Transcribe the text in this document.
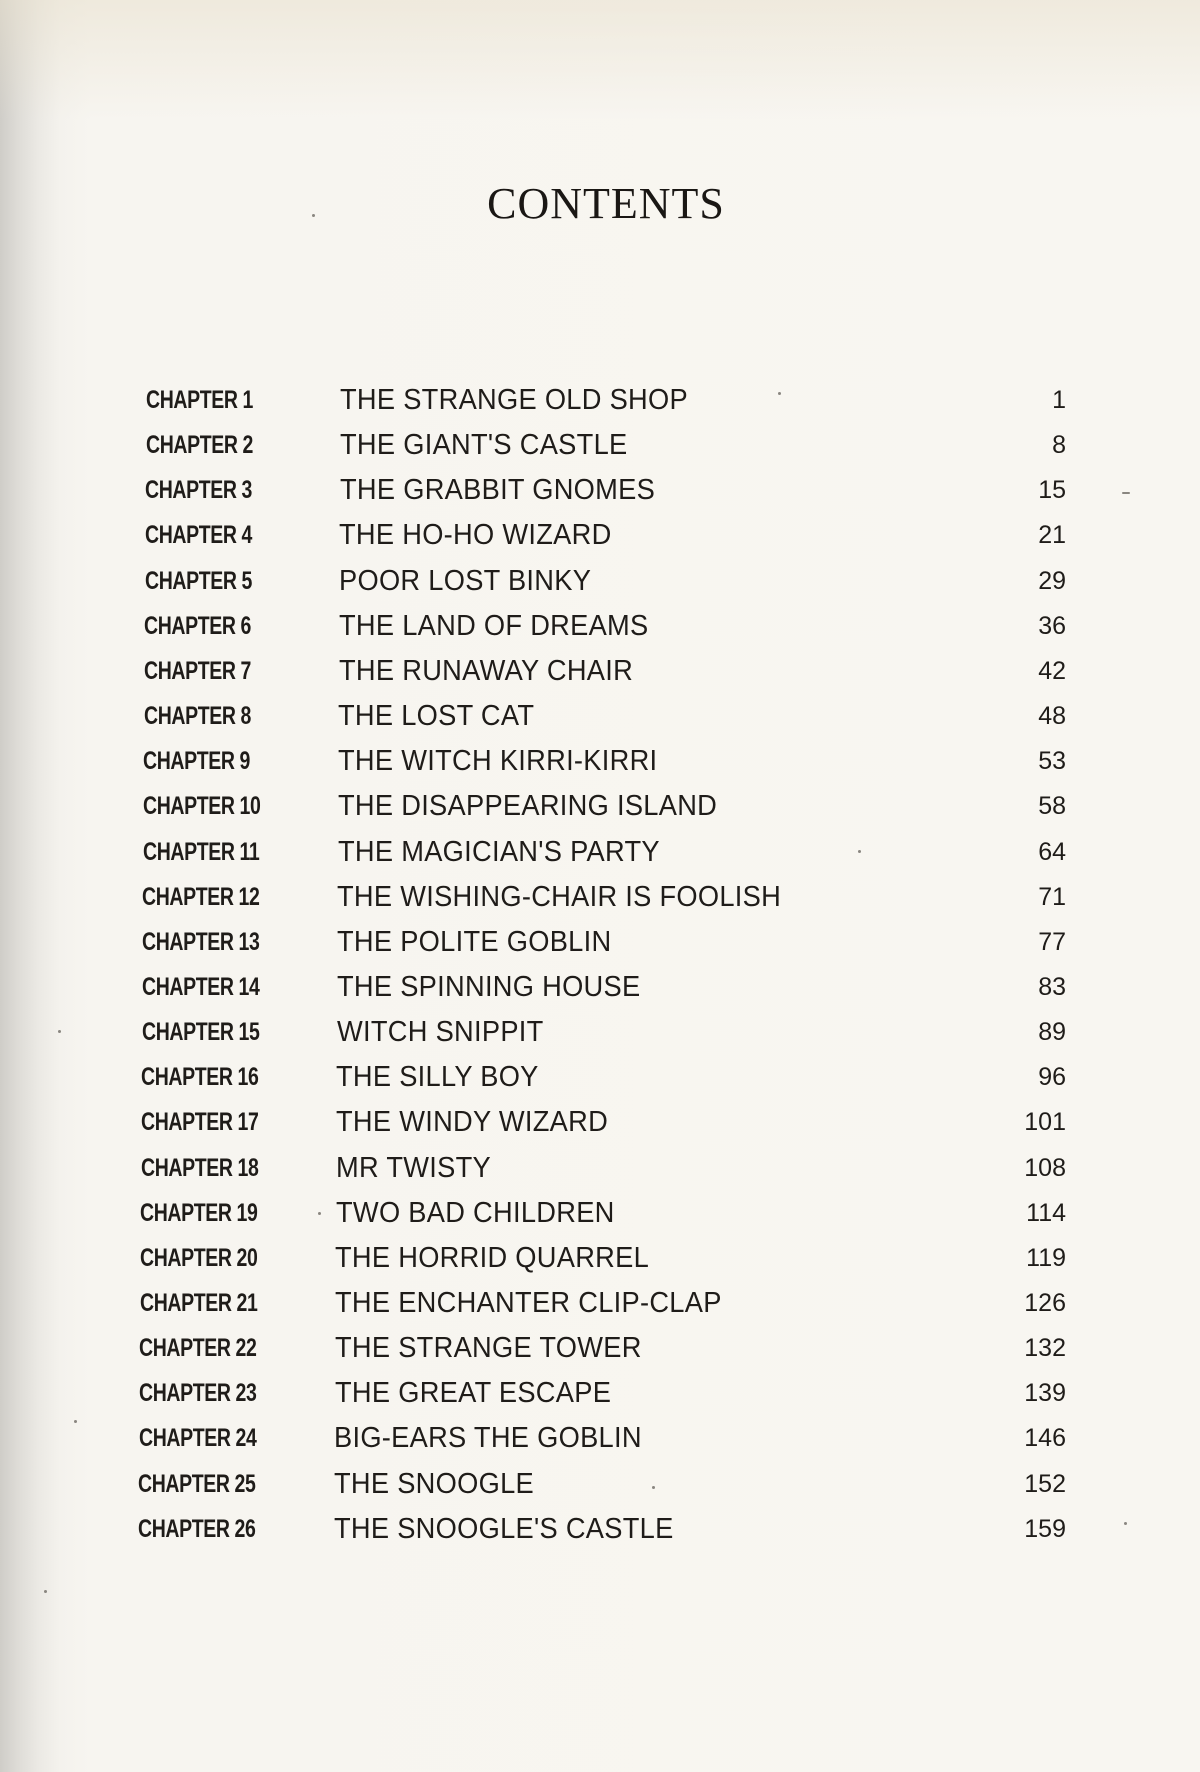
CONTENTS
CHAPTER 1	THE STRANGE OLD SHOP	1
CHAPTER 2	THE GIANT'S CASTLE	8
CHAPTER 3	THE GRABBIT GNOMES	15
CHAPTER 4	THE HO-HO WIZARD	21
CHAPTER 5	POOR LOST BINKY	29
CHAPTER 6	THE LAND OF DREAMS	36
CHAPTER 7	THE RUNAWAY CHAIR	42
CHAPTER 8	THE LOST CAT	48
CHAPTER 9	THE WITCH KIRRI-KIRRI	53
CHAPTER 10	THE DISAPPEARING ISLAND	58
CHAPTER 11	THE MAGICIAN'S PARTY	64
CHAPTER 12	THE WISHING-CHAIR IS FOOLISH	71
CHAPTER 13	THE POLITE GOBLIN	77
CHAPTER 14	THE SPINNING HOUSE	83
CHAPTER 15	WITCH SNIPPIT	89
CHAPTER 16	THE SILLY BOY	96
CHAPTER 17	THE WINDY WIZARD	101
CHAPTER 18	MR TWISTY	108
CHAPTER 19	TWO BAD CHILDREN	114
CHAPTER 20	THE HORRID QUARREL	119
CHAPTER 21	THE ENCHANTER CLIP-CLAP	126
CHAPTER 22	THE STRANGE TOWER	132
CHAPTER 23	THE GREAT ESCAPE	139
CHAPTER 24	BIG-EARS THE GOBLIN	146
CHAPTER 25	THE SNOOGLE	152
CHAPTER 26	THE SNOOGLE'S CASTLE	159
